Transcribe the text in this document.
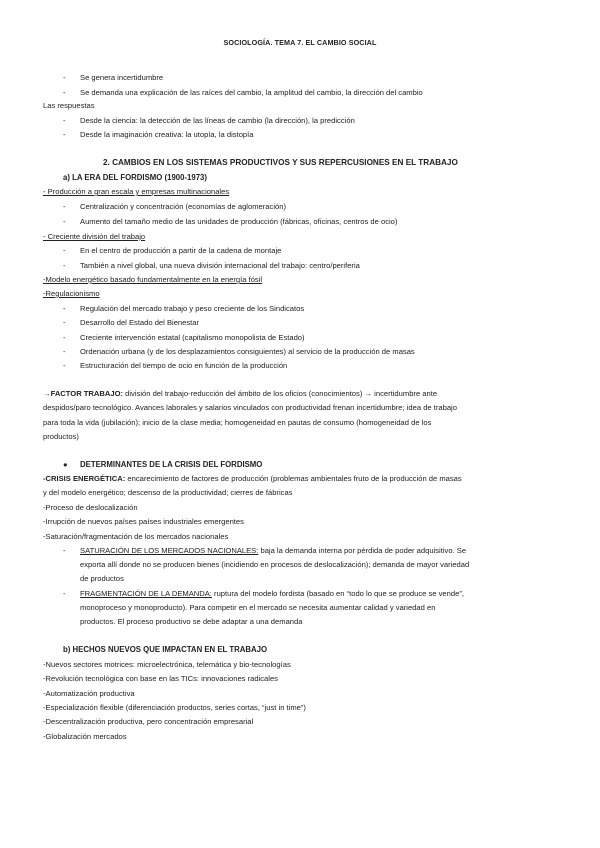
SOCIOLOGÍA. TEMA 7. EL CAMBIO SOCIAL
- Se genera incertidumbre
- Se demanda una explicación de las raíces del cambio, la amplitud del cambio, la dirección del cambio
Las respuestas
- Desde la ciencia: la detección de las líneas de cambio (la dirección), la predicción
- Desde la imaginación creativa: la utopía, la distopía
2. CAMBIOS EN LOS SISTEMAS PRODUCTIVOS Y SUS REPERCUSIONES EN EL TRABAJO
a) LA ERA DEL FORDISMO (1900-1973)
- Producción a gran escala y empresas multinacionales
- Centralización y concentración (economías de aglomeración)
- Aumento del tamaño medio de las unidades de producción (fábricas, oficinas, centros de ocio)
- Creciente división del trabajo
- En el centro de producción a partir de la cadena de montaje
- También a nivel global, una nueva división internacional del trabajo: centro/periferia
-Modelo energético basado fundamentalmente en la energía fósil
-Regulacionismo
- Regulación del mercado trabajo y peso creciente de los Sindicatos
- Desarrollo del Estado del Bienestar
- Creciente intervención estatal (capitalismo monopolista de Estado)
- Ordenación urbana (y de los desplazamientos consiguientes) al servicio de la producción de masas
- Estructuración del tiempo de ocio en función de la producción
→FACTOR TRABAJO: división del trabajo-reducción del ámbito de los oficios (conocimientos) → incertidumbre ante
despidos/paro tecnológico. Avances laborales y salarios vinculados con productividad frenan incertidumbre; idea de trabajo
para toda la vida (jubilación); inicio de la clase media; homogeneidad en pautas de consumo (homogeneidad de los
productos)
● DETERMINANTES DE LA CRISIS DEL FORDISMO
-CRISIS ENERGÉTICA: encarecimiento de factores de producción (problemas ambientales fruto de la producción de masas
y del modelo energético; descenso de la productividad; cierres de fábricas
-Proceso de deslocalización
-Irrupción de nuevos países países industriales emergentes
-Saturación/fragmentación de los mercados nacionales
- SATURACIÓN DE LOS MERCADOS NACIONALES: baja la demanda interna por pérdida de poder adquisitivo. Se
exporta allí donde no se producen bienes (incidiendo en procesos de deslocalización); demanda de mayor variedad
de productos
- FRAGMENTACIÓN DE LA DEMANDA: ruptura del modelo fordista (basado en “todo lo que se produce se vende”,
monoproceso y monoproducto). Para competir en el mercado se necesita aumentar calidad y variedad en
productos. El proceso productivo se debe adaptar a una demanda
b) HECHOS NUEVOS QUE IMPACTAN EN EL TRABAJO
-Nuevos sectores motrices: microelectrónica, telemática y bio-tecnologías
-Revolución tecnológica con base en las TICs: innovaciones radicales
-Automatización productiva
-Especialización flexible (diferenciación productos, series cortas, “just in time”)
-Descentralización productiva, pero concentración empresarial
-Globalización mercados
